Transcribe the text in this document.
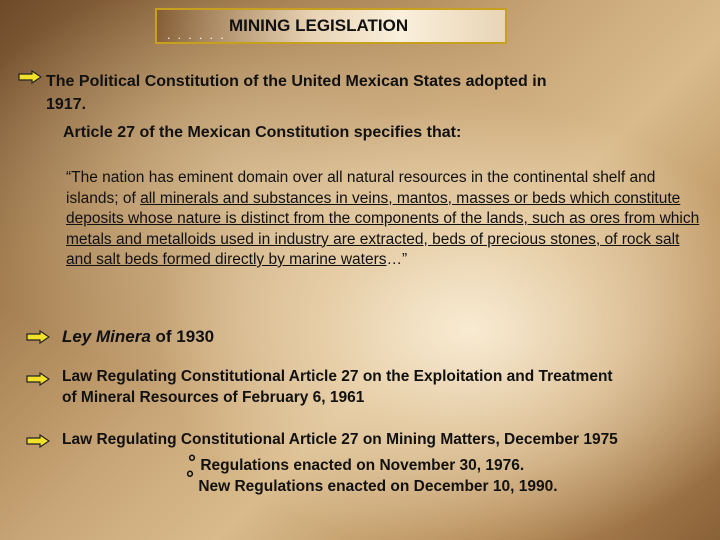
. . . . . . MINING LEGISLATION
The Political Constitution of the United Mexican States adopted in
1917.
Article 27 of the Mexican Constitution specifies that:
“The nation has eminent domain over all natural resources in the continental shelf and islands; of all minerals and substances in veins, mantos, masses or beds which constitute deposits whose nature is distinct from the components of the lands, such as ores from which metals and metalloids used in industry are extracted, beds of precious stones, of rock salt and salt beds formed directly by marine waters…”
Ley Minera of 1930
Law Regulating Constitutional Article 27 on the Exploitation and Treatment
of Mineral Resources of February 6, 1961
Law Regulating Constitutional Article 27 on Mining Matters, December 1975
° Regulations enacted on November 30, 1976.
° New Regulations enacted on December 10, 1990.
